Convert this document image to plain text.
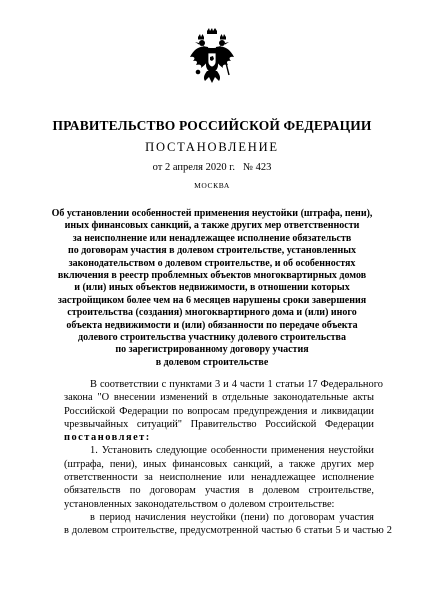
ПРАВИТЕЛЬСТВО РОССИЙСКОЙ ФЕДЕРАЦИИ
ПОСТАНОВЛЕНИЕ
от 2 апреля 2020 г. № 423
МОСКВА
Об установлении особенностей применения неустойки (штрафа, пени),
иных финансовых санкций, а также других мер ответственности
за неисполнение или ненадлежащее исполнение обязательств
по договорам участия в долевом строительстве, установленных
законодательством о долевом строительстве, и об особенностях
включения в реестр проблемных объектов многоквартирных домов
и (или) иных объектов недвижимости, в отношении которых
застройщиком более чем на 6 месяцев нарушены сроки завершения
строительства (создания) многоквартирного дома и (или) иного
объекта недвижимости и (или) обязанности по передаче объекта
долевого строительства участнику долевого строительства
по зарегистрированному договору участия
в долевом строительстве
В соответствии с пунктами 3 и 4 части 1 статьи 17 Федерального
закона "О внесении изменений в отдельные законодательные акты
Российской Федерации по вопросам предупреждения и ликвидации
чрезвычайных ситуаций" Правительство Российской Федерации
постановляет:
1. Установить следующие особенности применения неустойки
(штрафа, пени), иных финансовых санкций, а также других мер
ответственности за неисполнение или ненадлежащее исполнение
обязательств по договорам участия в долевом строительстве,
установленных законодательством о долевом строительстве:
в период начисления неустойки (пени) по договорам участия
в долевом строительстве, предусмотренной частью 6 статьи 5 и частью 2
